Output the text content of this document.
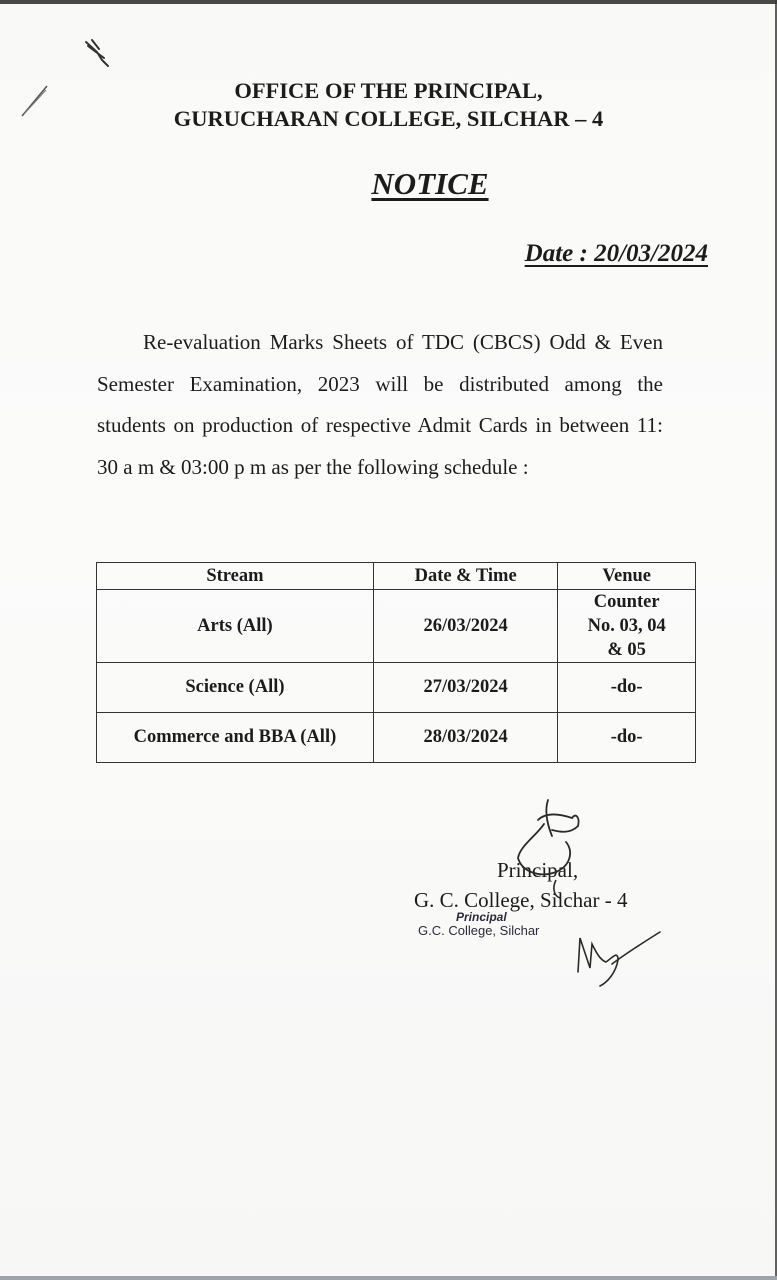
OFFICE OF THE PRINCIPAL,
GURUCHARAN COLLEGE, SILCHAR – 4
NOTICE
Date : 20/03/2024
Re-evaluation Marks Sheets of TDC (CBCS) Odd & Even Semester Examination, 2023 will be distributed among the students on production of respective Admit Cards in between 11: 30 a m & 03:00 p m as per the following schedule :
Stream	Date & Time	Venue
Arts (All)	26/03/2024	Counter
No. 03, 04
& 05

Science (All)	27/03/2024	-do-
Commerce and BBA (All)	28/03/2024	-do-
Principal,
G. C. College, Silchar - 4
Principal
G.C. College, Silchar
